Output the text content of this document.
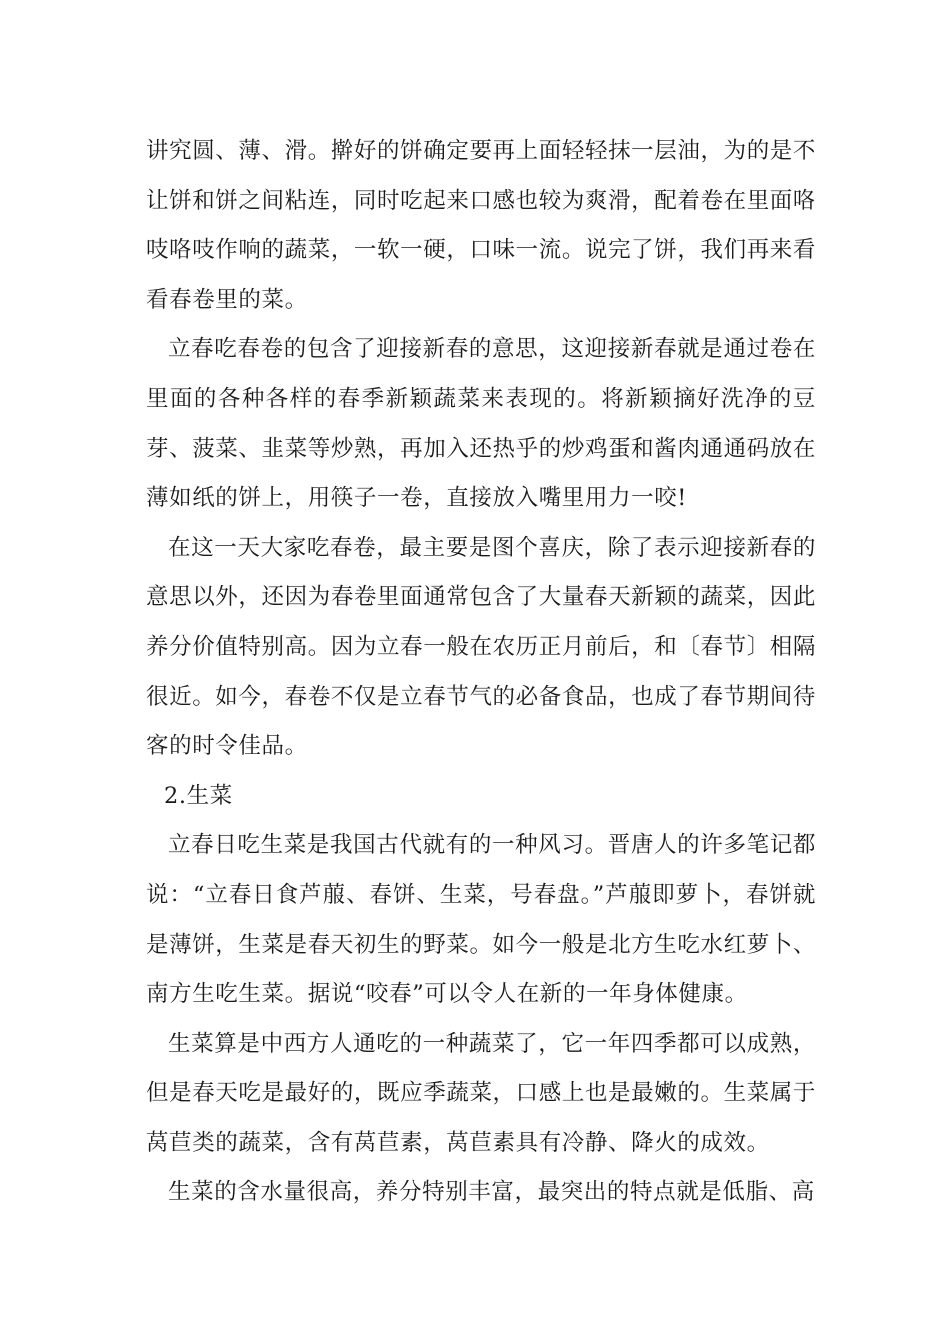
讲究圆、薄、滑。擀好的饼确定要再上面轻轻抹一层油，为的是不让饼和饼之间粘连，同时吃起来口感也较为爽滑，配着卷在里面咯吱咯吱作响的蔬菜，一软一硬，口味一流。说完了饼，我们再来看看春卷里的菜。

立春吃春卷的包含了迎接新春的意思，这迎接新春就是通过卷在里面的各种各样的春季新颖蔬菜来表现的。将新颖摘好洗净的豆芽、菠菜、韭菜等炒熟，再加入还热乎的炒鸡蛋和酱肉通通码放在薄如纸的饼上，用筷子一卷，直接放入嘴里用力一咬!

在这一天大家吃春卷，最主要是图个喜庆，除了表示迎接新春的意思以外，还因为春卷里面通常包含了大量春天新颖的蔬菜，因此养分价值特别高。因为立春一般在农历正月前后，和〔春节〕相隔很近。如今，春卷不仅是立春节气的必备食品，也成了春节期间待客的时令佳品。

2.生菜

立春日吃生菜是我国古代就有的一种风习。晋唐人的许多笔记都说：“立春日食芦菔、春饼、生菜，号春盘。”芦菔即萝卜，春饼就是薄饼，生菜是春天初生的野菜。如今一般是北方生吃水红萝卜、南方生吃生菜。据说“咬春”可以令人在新的一年身体健康。

生菜算是中西方人通吃的一种蔬菜了，它一年四季都可以成熟，但是春天吃是最好的，既应季蔬菜，口感上也是最嫩的。生菜属于莴苣类的蔬菜，含有莴苣素，莴苣素具有冷静、降火的成效。

生菜的含水量很高，养分特别丰富，最突出的特点就是低脂、高
